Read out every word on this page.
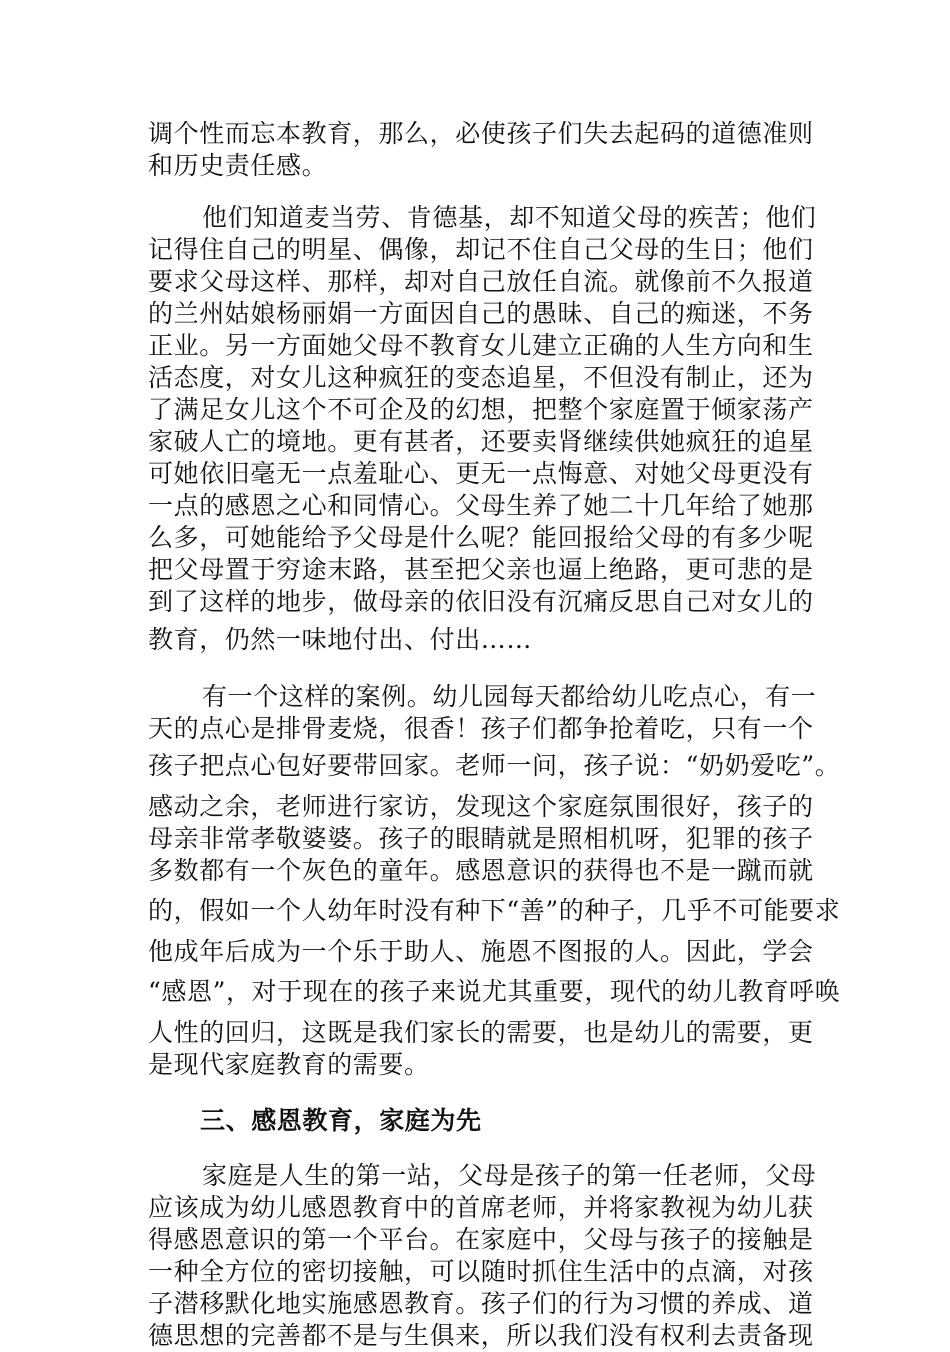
调个性而忘本教育，那么，必使孩子们失去起码的道德准则
和历史责任感。
他们知道麦当劳、肯德基，却不知道父母的疾苦；他们
记得住自己的明星、偶像，却记不住自己父母的生日；他们
要求父母这样、那样，却对自己放任自流。就像前不久报道
的兰州姑娘杨丽娟一方面因自己的愚昧、自己的痴迷，不务
正业。另一方面她父母不教育女儿建立正确的人生方向和生
活态度，对女儿这种疯狂的变态追星，不但没有制止，还为
了满足女儿这个不可企及的幻想，把整个家庭置于倾家荡产
家破人亡的境地。更有甚者，还要卖肾继续供她疯狂的追星
可她依旧毫无一点羞耻心、更无一点悔意、对她父母更没有
一点的感恩之心和同情心。父母生养了她二十几年给了她那
么多，可她能给予父母是什么呢？能回报给父母的有多少呢
把父母置于穷途末路，甚至把父亲也逼上绝路，更可悲的是
到了这样的地步，做母亲的依旧没有沉痛反思自己对女儿的
教育，仍然一味地付出、付出……
有一个这样的案例。幼儿园每天都给幼儿吃点心，有一
天的点心是排骨麦烧，很香！孩子们都争抢着吃，只有一个
孩子把点心包好要带回家。老师一问，孩子说：“奶奶爱吃”。
感动之余，老师进行家访，发现这个家庭氛围很好，孩子的
母亲非常孝敬婆婆。孩子的眼睛就是照相机呀，犯罪的孩子
多数都有一个灰色的童年。感恩意识的获得也不是一蹴而就
的，假如一个人幼年时没有种下“善”的种子，几乎不可能要求
他成年后成为一个乐于助人、施恩不图报的人。因此，学会
“感恩”，对于现在的孩子来说尤其重要，现代的幼儿教育呼唤
人性的回归，这既是我们家长的需要，也是幼儿的需要，更
是现代家庭教育的需要。
三、感恩教育，家庭为先
家庭是人生的第一站，父母是孩子的第一任老师，父母
应该成为幼儿感恩教育中的首席老师，并将家教视为幼儿获
得感恩意识的第一个平台。在家庭中，父母与孩子的接触是
一种全方位的密切接触，可以随时抓住生活中的点滴，对孩
子潜移默化地实施感恩教育。孩子们的行为习惯的养成、道
德思想的完善都不是与生俱来，所以我们没有权利去责备现
